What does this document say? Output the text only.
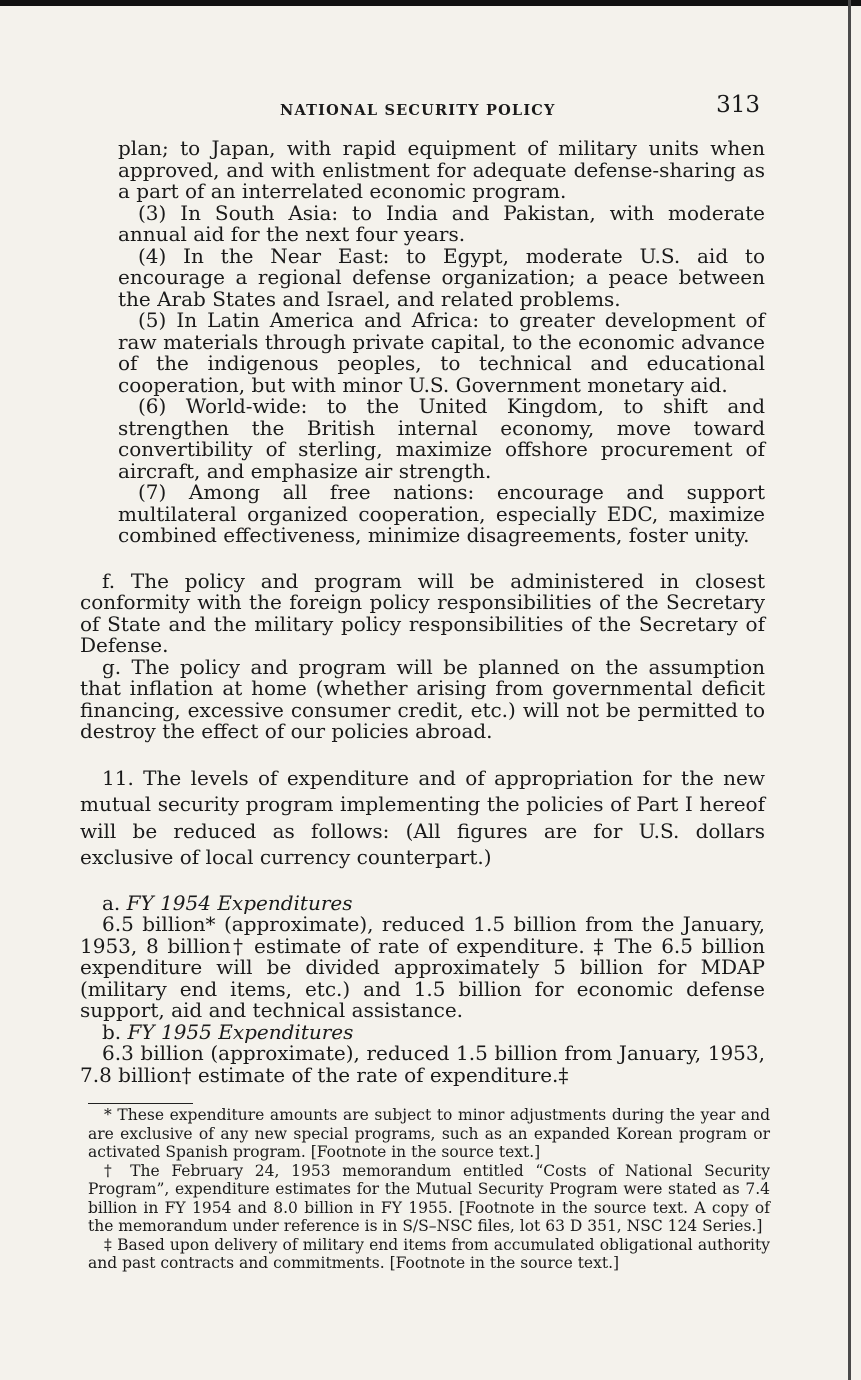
NATIONAL SECURITY POLICY	313

plan; to Japan, with rapid equipment of military units when approved, and with enlistment for adequate defense-sharing as a part of an interrelated economic program.

(3) In South Asia: to India and Pakistan, with moderate annual aid for the next four years.

(4) In the Near East: to Egypt, moderate U.S. aid to encourage a regional defense organization; a peace between the Arab States and Israel, and related problems.

(5) In Latin America and Africa: to greater development of raw materials through private capital, to the economic advance of the indigenous peoples, to technical and educational cooperation, but with minor U.S. Government monetary aid.

(6) World-wide: to the United Kingdom, to shift and strengthen the British internal economy, move toward convertibility of sterling, maximize offshore procurement of aircraft, and emphasize air strength.

(7) Among all free nations: encourage and support multilateral organized cooperation, especially EDC, maximize combined effectiveness, minimize disagreements, foster unity.

f. The policy and program will be administered in closest conformity with the foreign policy responsibilities of the Secretary of State and the military policy responsibilities of the Secretary of Defense.

g. The policy and program will be planned on the assumption that inflation at home (whether arising from governmental deficit financing, excessive consumer credit, etc.) will not be permitted to destroy the effect of our policies abroad.

11. The levels of expenditure and of appropriation for the new mutual security program implementing the policies of Part I hereof will be reduced as follows: (All figures are for U.S. dollars exclusive of local currency counterpart.)

a. FY 1954 Expenditures

6.5 billion* (approximate), reduced 1.5 billion from the January, 1953, 8 billion† estimate of rate of expenditure. ‡ The 6.5 billion expenditure will be divided approximately 5 billion for MDAP (military end items, etc.) and 1.5 billion for economic defense support, aid and technical assistance.

b. FY 1955 Expenditures

6.3 billion (approximate), reduced 1.5 billion from January, 1953, 7.8 billion† estimate of the rate of expenditure.‡

* These expenditure amounts are subject to minor adjustments during the year and are exclusive of any new special programs, such as an expanded Korean program or activated Spanish program. [Footnote in the source text.]

† The February 24, 1953 memorandum entitled “Costs of National Security Program”, expenditure estimates for the Mutual Security Program were stated as 7.4 billion in FY 1954 and 8.0 billion in FY 1955. [Footnote in the source text. A copy of the memorandum under reference is in S/S–NSC files, lot 63 D 351, NSC 124 Series.]

‡ Based upon delivery of military end items from accumulated obligational authority and past contracts and commitments. [Footnote in the source text.]
